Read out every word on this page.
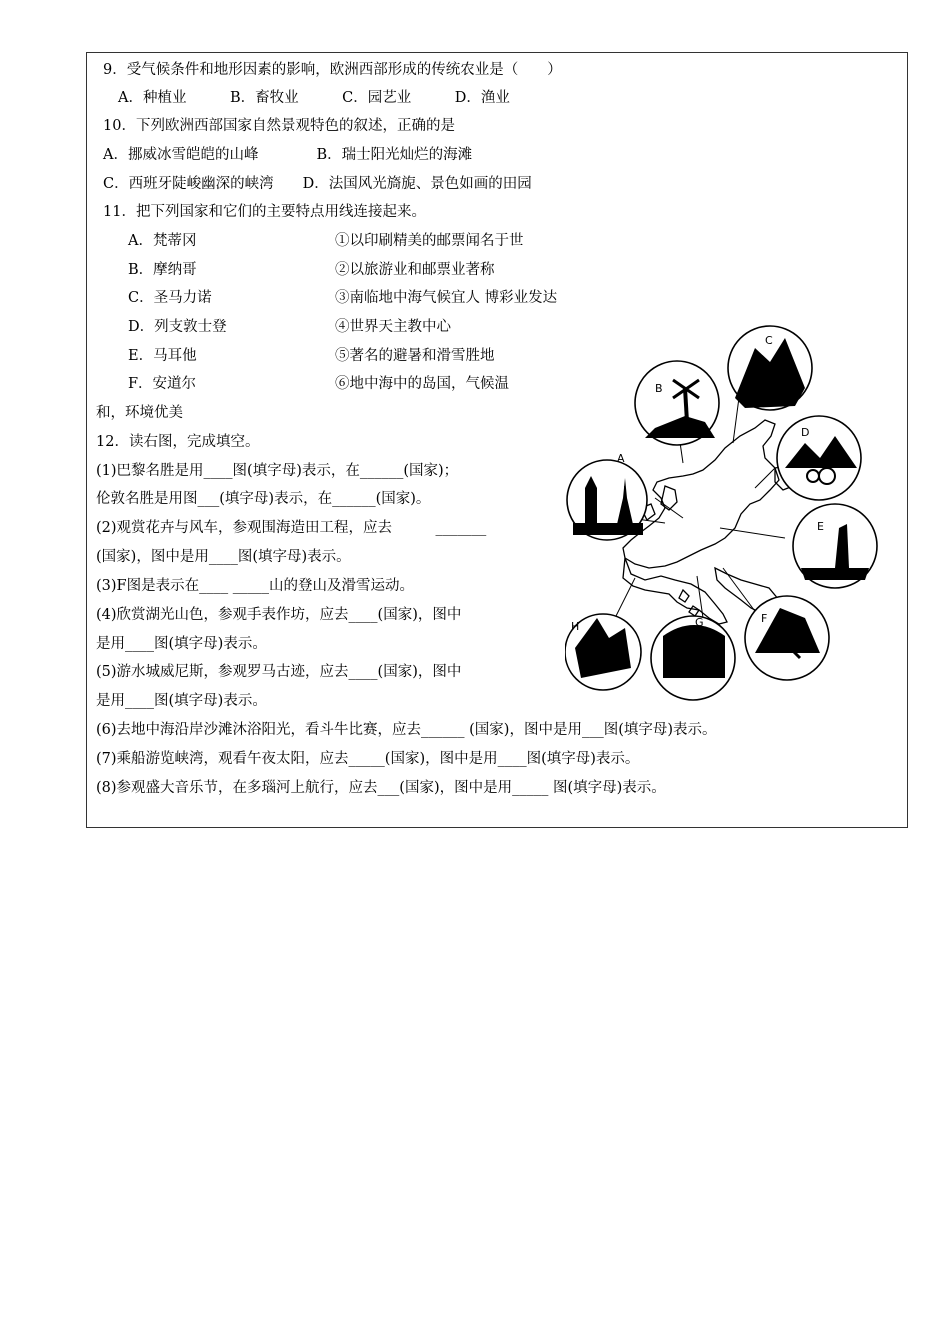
9．受气候条件和地形因素的影响，欧洲西部形成的传统农业是（　　）
A．种植业　　　B．畜牧业　　　C．园艺业　　　D．渔业
10．下列欧洲西部国家自然景观特色的叙述，正确的是
A．挪威冰雪皑皑的山峰　　　　B．瑞士阳光灿烂的海滩
C．西班牙陡峻幽深的峡湾　　D．法国风光旖旎、景色如画的田园
11．把下列国家和它们的主要特点用线连接起来。
A．梵蒂冈
B．摩纳哥
C．圣马力诺
D．列支敦士登
E．马耳他
F．安道尔
①以印刷精美的邮票闻名于世
②以旅游业和邮票业著称
③南临地中海气候宜人 博彩业发达
④世界天主教中心
⑤著名的避暑和滑雪胜地
⑥地中海中的岛国，气候温
和，环境优美
12．读右图，完成填空。
(1)巴黎名胜是用____图(填字母)表示，在______(国家)；
伦敦名胜是用图___(填字母)表示，在______(国家)。
(2)观赏花卉与风车，参观围海造田工程，应去　　　_______
(国家)，图中是用____图(填字母)表示。
(3)F图是表示在____ _____山的登山及滑雪运动。
(4)欣赏湖光山色，参观手表作坊，应去____(国家)，图中
是用____图(填字母)表示。
(5)游水城威尼斯，参观罗马古迹，应去____(国家)，图中
是用____图(填字母)表示。
(6)去地中海沿岸沙滩沐浴阳光，看斗牛比赛，应去______ (国家)，图中是用___图(填字母)表示。
(7)乘船游览峡湾，观看午夜太阳，应去_____(国家)，图中是用____图(填字母)表示。
(8)参观盛大音乐节，在多瑙河上航行，应去___(国家)，图中是用_____ 图(填字母)表示。
A
B
C
D
E
F
G
H
I
